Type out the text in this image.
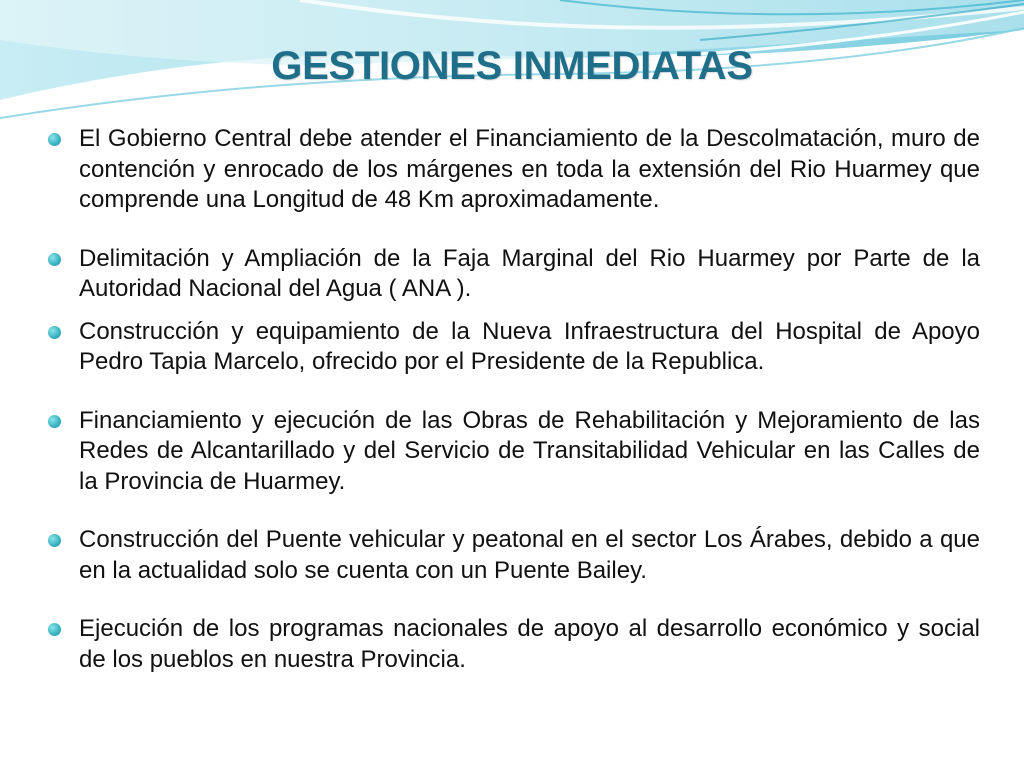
GESTIONES INMEDIATAS
El Gobierno Central debe atender el Financiamiento de la Descolmatación, muro de contención y enrocado de los márgenes en toda la extensión del Rio Huarmey que comprende una Longitud de 48 Km aproximadamente.
Delimitación y Ampliación de la Faja Marginal del Rio Huarmey por Parte de la Autoridad Nacional del Agua ( ANA ).
Construcción y equipamiento de la Nueva Infraestructura del Hospital de Apoyo Pedro Tapia Marcelo, ofrecido por el Presidente de la Republica.
Financiamiento y ejecución de las Obras de Rehabilitación y Mejoramiento de las Redes de Alcantarillado y del Servicio de Transitabilidad Vehicular en las Calles de la Provincia de Huarmey.
Construcción del Puente vehicular y peatonal en el sector Los Árabes, debido a que en la actualidad solo se cuenta con un Puente Bailey.
Ejecución de los programas nacionales de apoyo al desarrollo económico y social de los pueblos en nuestra Provincia.
